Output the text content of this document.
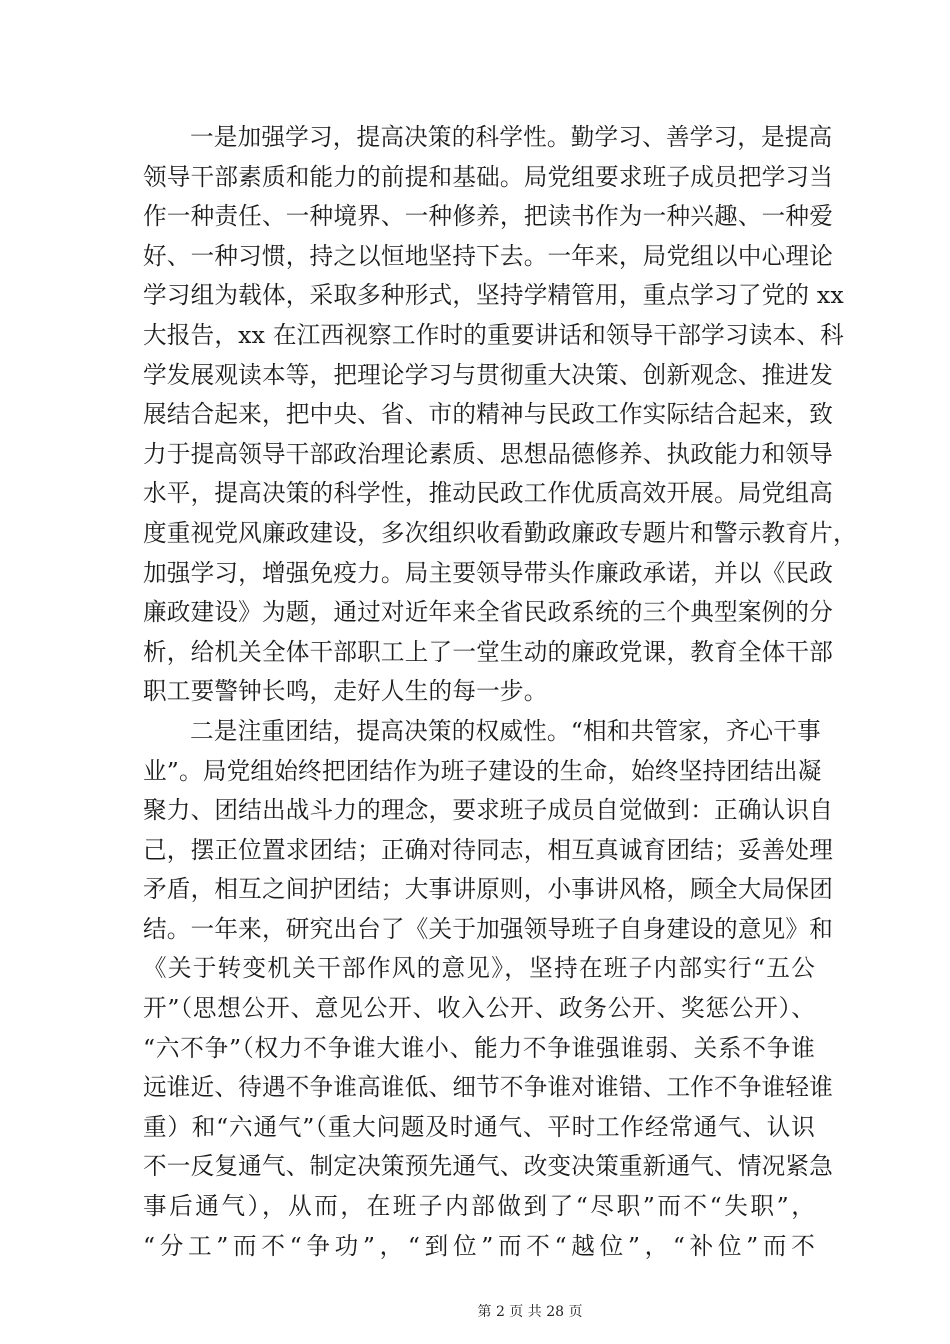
一是加强学习，提高决策的科学性。勤学习、善学习，是提高
领导干部素质和能力的前提和基础。局党组要求班子成员把学习当
作一种责任、一种境界、一种修养，把读书作为一种兴趣、一种爱
好、一种习惯，持之以恒地坚持下去。一年来，局党组以中心理论
学习组为载体，采取多种形式，坚持学精管用，重点学习了党的 xx
大报告，xx 在江西视察工作时的重要讲话和领导干部学习读本、科
学发展观读本等，把理论学习与贯彻重大决策、创新观念、推进发
展结合起来，把中央、省、市的精神与民政工作实际结合起来，致
力于提高领导干部政治理论素质、思想品德修养、执政能力和领导
水平，提高决策的科学性，推动民政工作优质高效开展。局党组高
度重视党风廉政建设，多次组织收看勤政廉政专题片和警示教育片，
加强学习，增强免疫力。局主要领导带头作廉政承诺，并以《民政
廉政建设》为题，通过对近年来全省民政系统的三个典型案例的分
析，给机关全体干部职工上了一堂生动的廉政党课，教育全体干部
职工要警钟长鸣，走好人生的每一步。

二是注重团结，提高决策的权威性。“相和共管家，齐心干事
业”。局党组始终把团结作为班子建设的生命，始终坚持团结出凝
聚力、团结出战斗力的理念，要求班子成员自觉做到：正确认识自
己，摆正位置求团结；正确对待同志，相互真诚育团结；妥善处理
矛盾，相互之间护团结；大事讲原则，小事讲风格，顾全大局保团
结。一年来，研究出台了《关于加强领导班子自身建设的意见》和
《关于转变机关干部作风的意见》，坚持在班子内部实行“五公
开”（思想公开、意见公开、收入公开、政务公开、奖惩公开）、
“六不争”（权力不争谁大谁小、能力不争谁强谁弱、关系不争谁
远谁近、待遇不争谁高谁低、细节不争谁对谁错、工作不争谁轻谁
重）和“六通气”（重大问题及时通气、平时工作经常通气、认识
不一反复通气、制定决策预先通气、改变决策重新通气、情况紧急
事后通气），从而，在班子内部做到了“尽职”而不“失职”，
“分工”而不“争功”，“到位”而不“越位”，“补位”而不

第 2 页 共 28 页
